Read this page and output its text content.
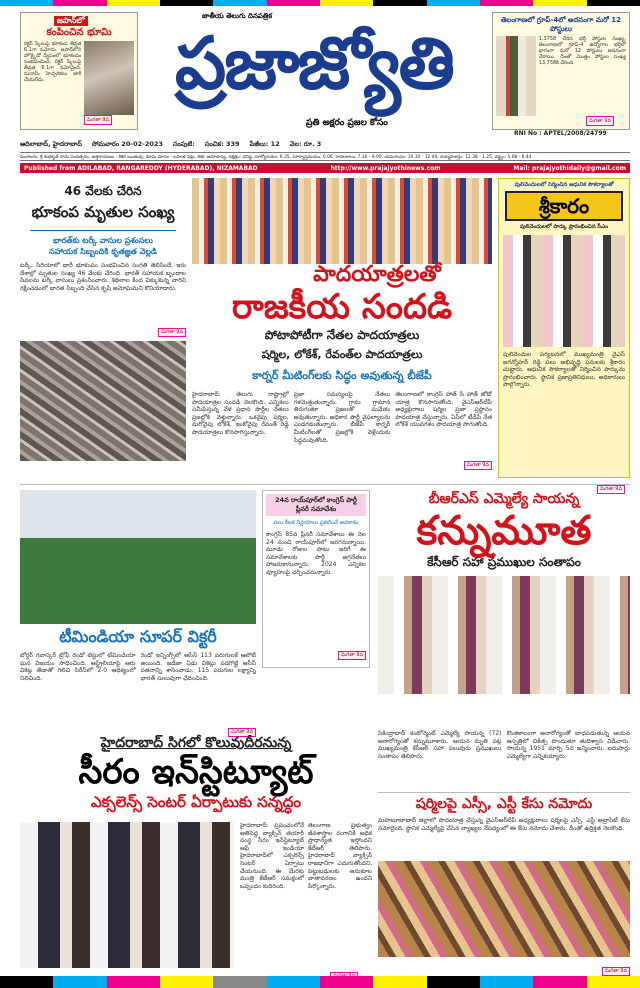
జపాన్‌లో
కంపించిన భూమి
రిక్టర్ స్కేలుపై భూకంప తీవ్రత 6.1గా నమోదు. జపాన్‌లోని హొక్కైడో ద్వీపంలో భూకంపం సంభవించింది. రిక్టర్ స్కేలుపై తీవ్రత 6.1గా నమోదైంది. సునామీ హెచ్చరికలు జారీ చేయలేదు.
మిగతా 9వ
జాతీయ తెలుగు దినపత్రిక
ప్రజాజ్యోతి
ప్రతి అక్షరం ప్రజల కోసం
తెలంగాణలో గ్రూప్-4లో అదనంగా మరో 12 పోస్టులు
1,3758 చేరిన భర్తీ పోస్టుల సంఖ్య. తెలంగాణలో గ్రూప్-4 ఉద్యోగాల భర్తీలో భాగంగా మరో 12 పోస్టులు అదనంగా చేరాయి. దీంతో మొత్తం పోస్టుల సంఖ్య 13,758కి చేరింది.
మిగతా 9వ
RNI No : APTEL/2008/24799
ఆదిలాబాద్, హైదరాబాద్ సోమవారం 20-02-2023 సంపుటి: సంచిక: 339 పేజీలు: 12 వెల: రూ. 3
పంచాంగం: శ్రీ శుభకృత్ నామ సంవత్సరం, ఉత్తరాయణం - శిశిర ఋతువు, మాఘ మాసం - బహుళ పక్షం, తిథి: అమావాస్య, నక్షత్రం: ధనిష్ఠ, సూర్యోదయం: 6.35, సూర్యాస్తమయం: 6.06, రాహుకాలం: 7.30 - 9.00, యమగండం: 10.30 - 12.00, దుర్ముహూర్తం: 12.38 - 1.25, వర్జ్యం: 5.08 - 6.44
Published from ADILABAD, RANGAREDDY (HYDERABAD), NIZAMABAD	http://www.prajajyothinews.com	Mail: prajajyothidaily@gmail.com
46 వేలకు చేరిన
భూకంప మృతుల సంఖ్య
భారత్‌కు టర్కీ వాసుల ప్రశంసలు
సహాయక సిబ్బందికి కృతజ్ఞత వెల్లడి
టర్కీ, సిరియాలో భారీ భూకంపం సంభవించిన సంగతి తెలిసిందే. ఇరు దేశాల్లో మృతుల సంఖ్య 46 వేలకు చేరింది. భారత్ సహాయక బృందాల సేవలను టర్కీ వాసులు ప్రశంసించారు. శిథిలాల కింద చిక్కుకున్న వారిని రక్షించడంలో భారత సిబ్బంది చేసిన కృషి అమోఘమని కొనియాడారు.
మిగతా 9వ
పాదయాత్రలతో
రాజకీయ సందడి
పోటాపోటీగా నేతల పాదయాత్రలు
షర్మిల, లోకేశ్, రేవంత్‌ల పాదయాత్రలు
కార్నర్ మీటింగ్‌లకు సిద్ధం అవుతున్న బీజేపీ
హైదరాబాద్: తెలుగు రాష్ట్రాల్లో పాదయాత్రల సందడి నెలకొంది. ఎన్నికలు సమీపిస్తున్న వేళ ప్రధాన పార్టీల నేతలు ప్రజల్లోకి వెళ్తున్నారు. ఒకవైపు షర్మిల, మరోవైపు లోకేశ్, ఇంకోవైపు రేవంత్ రెడ్డి పాదయాత్రలు కొనసాగిస్తున్నారు.
ప్రజా సమస్యలపై నేతలు గళమెత్తుతున్నారు. గ్రామ గ్రామాన తిరుగుతూ ప్రజలతో మమేకం అవుతున్నారు. అధికార పార్టీ వైఫల్యాలను ఎండగడుతున్నారు. బీజేపీ కార్నర్ మీటింగ్‌లతో ప్రజల్లోకి వెళ్లేందుకు సిద్ధమవుతోంది.
తెలంగాణలో కాంగ్రెస్ హాత్ సే హాత్ జోడో యాత్ర కొనసాగుతోంది. వైఎస్‌ఆర్‌టీపీ అధ్యక్షురాలు షర్మిల ప్రజా ప్రస్థానం పాదయాత్ర చేస్తున్నారు. ఏపీలో టీడీపీ నేత లోకేశ్ యువగళం పాదయాత్ర సాగుతోంది.
మిగతా 9వ
పులివెందులలో నిర్మించిన ఆధునిక సౌకర్యాలతో
శ్రీకారం
పులివెందులలో పార్కు ప్రారంభించిన సీఎం
పులివెందుల పర్యటనలో ముఖ్యమంత్రి వైఎస్ జగన్మోహన్ రెడ్డి పలు అభివృద్ధి పనులకు శ్రీకారం చుట్టారు. ఆధునిక సౌకర్యాలతో నిర్మించిన పార్కును ప్రారంభించారు. స్థానిక ప్రజాప్రతినిధులు, అధికారులు పాల్గొన్నారు.
మిగతా 9వ
టీమిండియా సూపర్ విక్టరీ
బోర్డర్ గవాస్కర్ ట్రోఫీ రెండో టెస్టులో టీమిండియా ఘన విజయం సాధించింది. ఆస్ట్రేలియాపై ఆరు వికెట్ల తేడాతో గెలిచి సిరీస్‌లో 2-0 ఆధిక్యంలో నిలిచింది.
రెండో ఇన్నింగ్స్‌లో ఆసీస్ 113 పరుగులకే ఆలౌట్ అయింది. జడేజా ఏడు వికెట్లు పడగొట్టి ఆసీస్ పతనాన్ని శాసించాడు. 115 పరుగుల లక్ష్యాన్ని భారత్ సులువుగా ఛేదించింది.
మిగతా 9వ
24న రాయ్‌పూర్‌లో కాంగ్రెస్ పార్టీ ప్లీనరీ సమావేశం
పలు కీలక నిర్ణయాలు ప్రకటించే అవకాశం
కాంగ్రెస్ 85వ ప్లీనరీ సమావేశాలు ఈ నెల 24 నుంచి రాయ్‌పూర్‌లో జరగనున్నాయి. మూడు రోజుల పాటు జరిగే ఈ సమావేశాలకు పార్టీ అగ్రనేతలు హాజరుకానున్నారు. 2024 ఎన్నికల వ్యూహంపై చర్చించనున్నారు.
మిగతా 9వ
బీఆర్ఎస్ ఎమ్మెల్యే సాయన్న
కన్నుమూత
కేసీఆర్ సహా ప్రముఖుల సంతాపం
సికింద్రాబాద్ కంటోన్మెంట్ ఎమ్మెల్యే సాయన్న (72) అనారోగ్యంతో కన్నుమూశారు. ఆయన మృతి పట్ల ముఖ్యమంత్రి కేసీఆర్ సహా పలువురు ప్రముఖులు సంతాపం తెలిపారు.
కొంతకాలంగా అనారోగ్యంతో బాధపడుతున్న ఆయన ఆస్పత్రిలో చికిత్స పొందుతూ తుదిశ్వాస విడిచారు. సాయన్న 1951 మార్చి 5న జన్మించారు. ఐదుసార్లు ఎమ్మెల్యేగా ఎన్నికయ్యారు.
హైదరాబాద్ సిగలో కొలువుదీరనున్న
సీరం ఇన్‌స్టిట్యూట్
ఎక్సలెన్స్ సెంటర్ ఏర్పాటుకు సన్నద్ధం
హైదరాబాద్: ప్రపంచంలోనే అతిపెద్ద వ్యాక్సిన్ తయారీ సంస్థ సీరం ఇన్‌స్టిట్యూట్ ఆఫ్ ఇండియా హైదరాబాద్‌లో ఎక్సలెన్స్ సెంటర్ ఏర్పాటు చేయనుంది. ఈ మేరకు మంత్రి కేటీఆర్ సమక్షంలో ఒప్పందం కుదిరింది.
తెలంగాణ ప్రభుత్వం జీవశాస్త్రాల రంగానికి అధిక ప్రాధాన్యత ఇస్తోందని కేటీఆర్ తెలిపారు. హైదరాబాద్ వ్యాక్సిన్ రాజధానిగా ఎదుగుతోందని, పెట్టుబడులకు అనుకూల వాతావరణం ఉందని పేర్కొన్నారు.
షర్మిలపై ఎస్సీ, ఎస్టీ కేసు నమోదు
మహబూబాబాద్ జిల్లాలో పాదయాత్ర చేస్తున్న వైఎస్‌ఆర్‌టీపీ అధ్యక్షురాలు షర్మిలపై ఎస్సీ, ఎస్టీ అట్రాసిటీ కేసు నమోదైంది. స్థానిక ఎమ్మెల్యేపై చేసిన వ్యాఖ్యల నేపథ్యంలో ఈ కేసు నమోదు చేశారు. దీంతో ఉద్రిక్తత నెలకొంది.
మిగతా 9వ
